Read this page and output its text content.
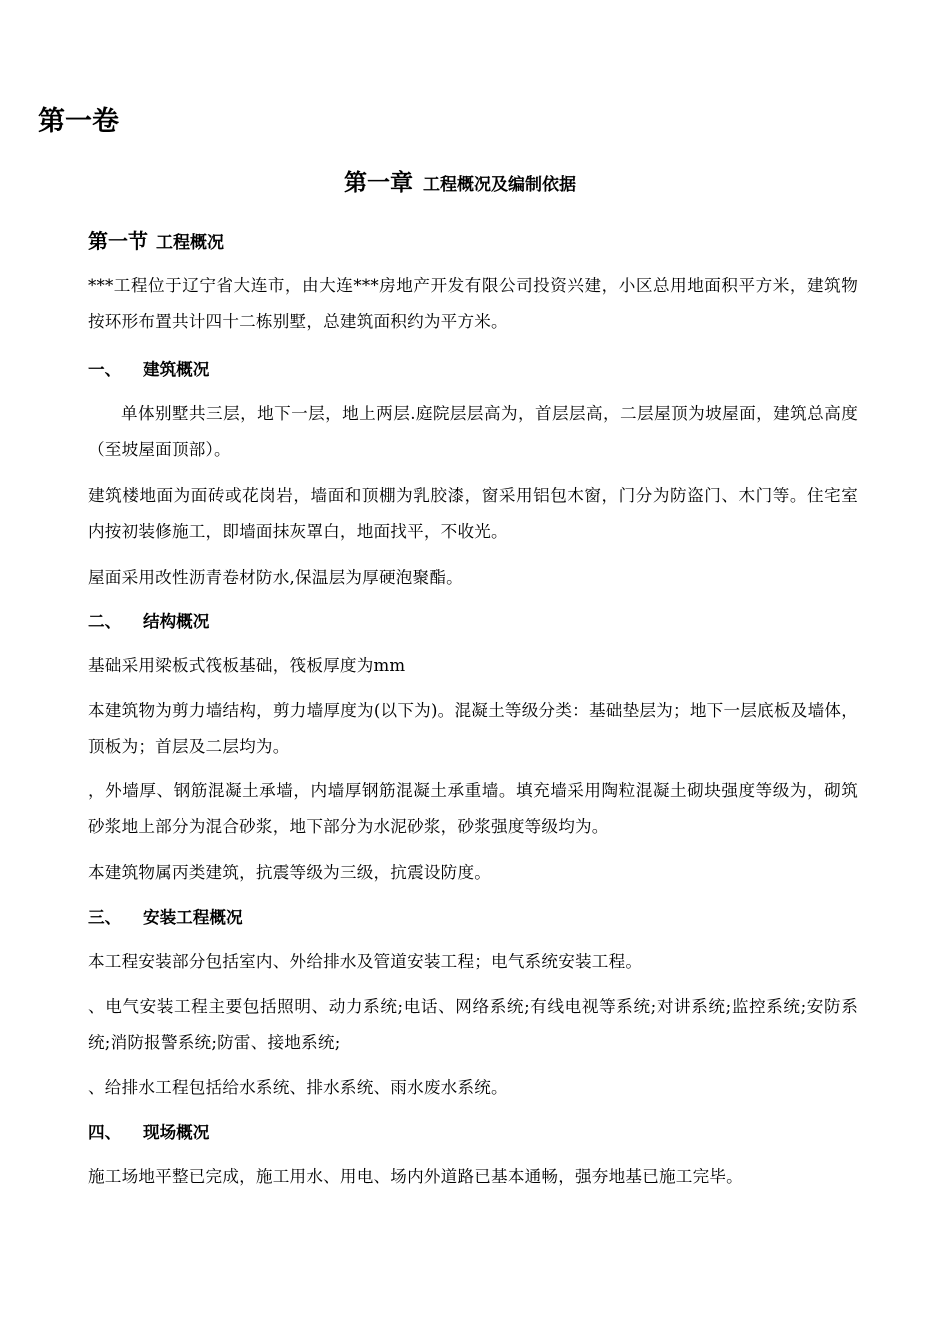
第一卷
第一章 工程概况及编制依据
第一节 工程概况

***工程位于辽宁省大连市，由大连***房地产开发有限公司投资兴建，小区总用地面积平方米，建筑物按环形布置共计四十二栋别墅，总建筑面积约为平方米。

一、 建筑概况

单体别墅共三层，地下一层，地上两层.庭院层层高为，首层层高，二层屋顶为坡屋面，建筑总高度（至坡屋面顶部）。

建筑楼地面为面砖或花岗岩，墙面和顶棚为乳胶漆，窗采用铝包木窗，门分为防盗门、木门等。住宅室内按初装修施工，即墙面抹灰罩白，地面找平，不收光。

屋面采用改性沥青卷材防水,保温层为厚硬泡聚酯。

二、 结构概况

基础采用梁板式筏板基础，筏板厚度为mm

本建筑物为剪力墙结构，剪力墙厚度为(以下为)。混凝土等级分类：基础垫层为；地下一层底板及墙体，顶板为；首层及二层均为。

，外墙厚、钢筋混凝土承墙，内墙厚钢筋混凝土承重墙。填充墙采用陶粒混凝土砌块强度等级为，砌筑砂浆地上部分为混合砂浆，地下部分为水泥砂浆，砂浆强度等级均为。

本建筑物属丙类建筑，抗震等级为三级，抗震设防度。

三、 安装工程概况

本工程安装部分包括室内、外给排水及管道安装工程；电气系统安装工程。

、电气安装工程主要包括照明、动力系统;电话、网络系统;有线电视等系统;对讲系统;监控系统;安防系统;消防报警系统;防雷、接地系统;

、给排水工程包括给水系统、排水系统、雨水废水系统。

四、 现场概况

施工场地平整已完成，施工用水、用电、场内外道路已基本通畅，强夯地基已施工完毕。
